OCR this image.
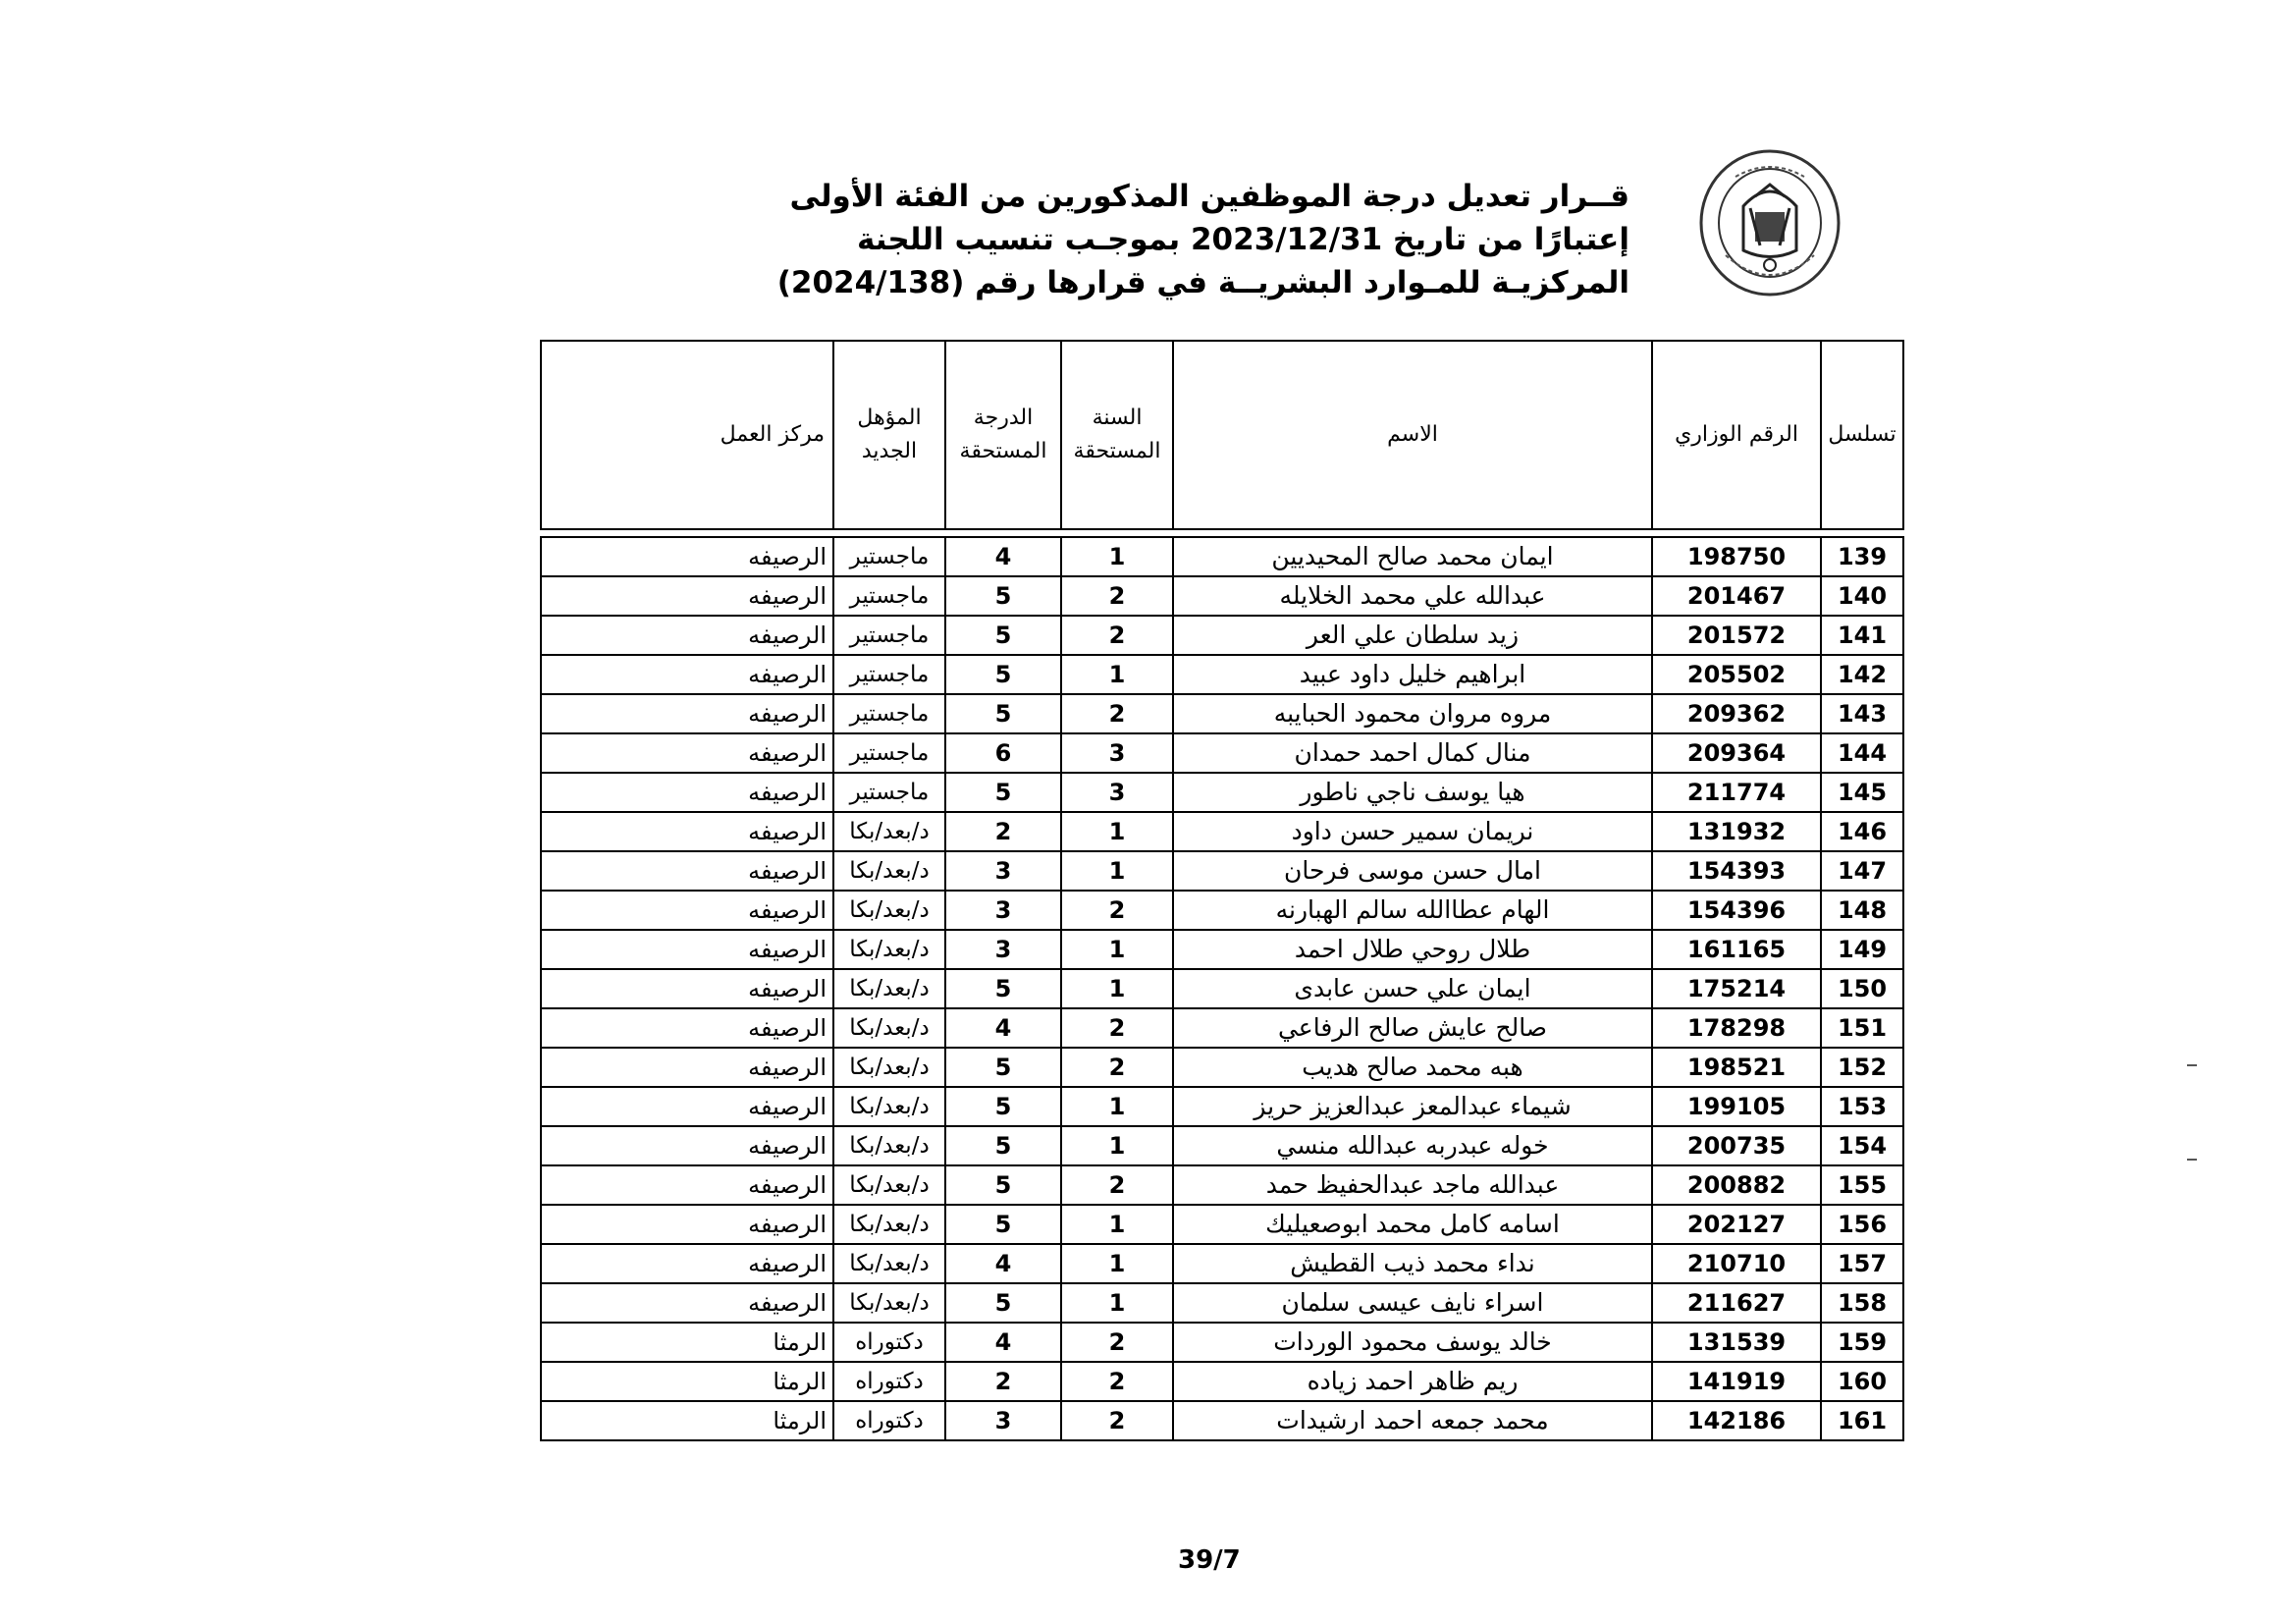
قــرار تعديل درجة الموظفين المذكورين من الفئة الأولى
إعتبارًا من تاريخ 2023/12/31 بموجـب تنسيب اللجنة
المركزيـة للمـوارد البشريــة في قرارها رقم (2024/138)
تسلسل	الرقم الوزاري	الاسم	السنة المستحقة	الدرجة المستحقة	المؤهل الجديد	مركز العمل

139	198750	ايمان محمد صالح المحيديين	1	4	ماجستير	الرصيفه
140	201467	عبدالله علي محمد الخلايله	2	5	ماجستير	الرصيفه
141	201572	زيد سلطان علي العر	2	5	ماجستير	الرصيفه
142	205502	ابراهيم خليل داود عبيد	1	5	ماجستير	الرصيفه
143	209362	مروه مروان محمود الحبايبه	2	5	ماجستير	الرصيفه
144	209364	منال كمال احمد حمدان	3	6	ماجستير	الرصيفه
145	211774	هيا يوسف ناجي ناطور	3	5	ماجستير	الرصيفه
146	131932	نريمان سمير حسن داود	1	2	د/بعد/بكا	الرصيفه
147	154393	امال حسن موسى فرحان	1	3	د/بعد/بكا	الرصيفه
148	154396	الهام عطاالله سالم الهبارنه	2	3	د/بعد/بكا	الرصيفه
149	161165	طلال روحي طلال احمد	1	3	د/بعد/بكا	الرصيفه
150	175214	ايمان علي حسن عابدى	1	5	د/بعد/بكا	الرصيفه
151	178298	صالح عايش صالح الرفاعي	2	4	د/بعد/بكا	الرصيفه
152	198521	هبه محمد صالح هديب	2	5	د/بعد/بكا	الرصيفه
153	199105	شيماء عبدالمعز عبدالعزيز حريز	1	5	د/بعد/بكا	الرصيفه
154	200735	خوله عبدربه عبدالله منسي	1	5	د/بعد/بكا	الرصيفه
155	200882	عبدالله ماجد عبدالحفيظ حمد	2	5	د/بعد/بكا	الرصيفه
156	202127	اسامه كامل محمد ابوصعيليك	1	5	د/بعد/بكا	الرصيفه
157	210710	نداء محمد ذيب القطيش	1	4	د/بعد/بكا	الرصيفه
158	211627	اسراء نايف عيسى سلمان	1	5	د/بعد/بكا	الرصيفه
159	131539	خالد يوسف محمود الوردات	2	4	دكتوراه	الرمثا
160	141919	ريم ظاهر احمد زياده	2	2	دكتوراه	الرمثا
161	142186	محمد جمعه احمد ارشيدات	2	3	دكتوراه	الرمثا
39/7
